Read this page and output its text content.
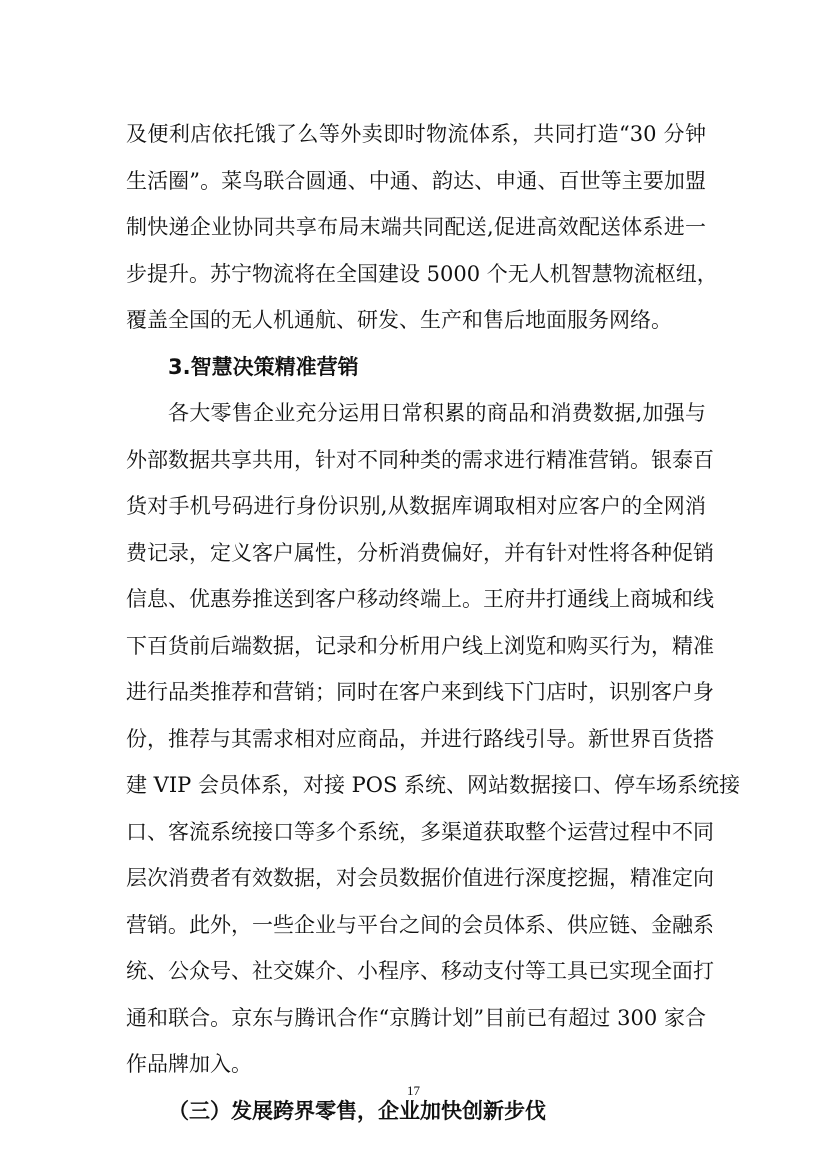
及便利店依托饿了么等外卖即时物流体系，共同打造“30 分钟
生活圈”。菜鸟联合圆通、中通、韵达、申通、百世等主要加盟
制快递企业协同共享布局末端共同配送,促进高效配送体系进一
步提升。苏宁物流将在全国建设 5000 个无人机智慧物流枢纽，
覆盖全国的无人机通航、研发、生产和售后地面服务网络。
3.智慧决策精准营销
各大零售企业充分运用日常积累的商品和消费数据,加强与
外部数据共享共用，针对不同种类的需求进行精准营销。银泰百
货对手机号码进行身份识别,从数据库调取相对应客户的全网消
费记录，定义客户属性，分析消费偏好，并有针对性将各种促销
信息、优惠券推送到客户移动终端上。王府井打通线上商城和线
下百货前后端数据，记录和分析用户线上浏览和购买行为，精准
进行品类推荐和营销；同时在客户来到线下门店时，识别客户身
份，推荐与其需求相对应商品，并进行路线引导。新世界百货搭
建 VIP 会员体系，对接 POS 系统、网站数据接口、停车场系统接
口、客流系统接口等多个系统，多渠道获取整个运营过程中不同
层次消费者有效数据，对会员数据价值进行深度挖掘，精准定向
营销。此外，一些企业与平台之间的会员体系、供应链、金融系
统、公众号、社交媒介、小程序、移动支付等工具已实现全面打
通和联合。京东与腾讯合作“京腾计划”目前已有超过 300 家合
作品牌加入。
（三）发展跨界零售，企业加快创新步伐
17
